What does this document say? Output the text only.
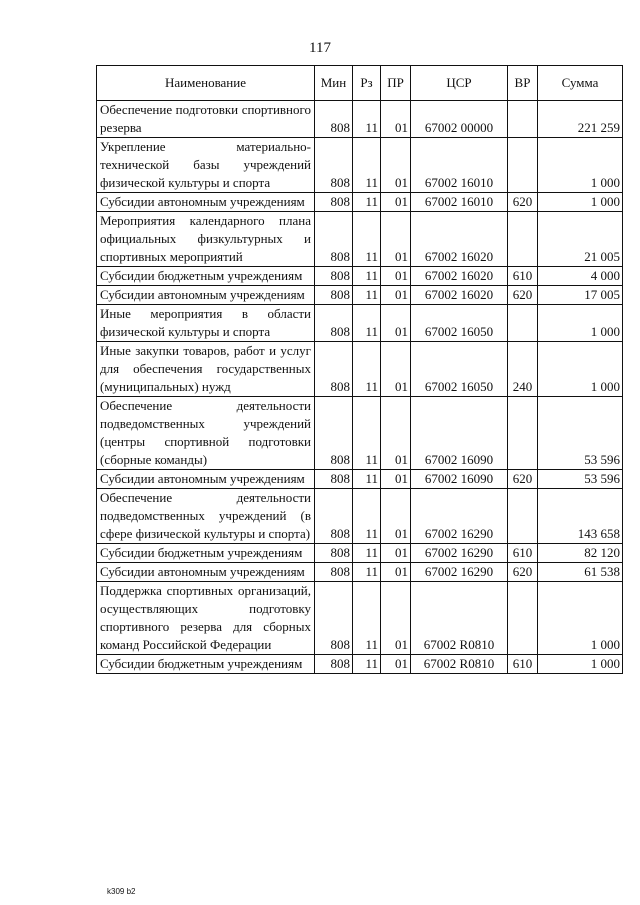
117
Наименование	Мин	Рз	ПР	ЦСР	ВР	Сумма
Обеспечение подготовки спортивного резерва	808	11	01	67002 00000		221 259
Укрепление материально-технической базы учреждений физической культуры и спорта	808	11	01	67002 16010		1 000
Субсидии автономным учреждениям	808	11	01	67002 16010	620	1 000
Мероприятия календарного плана официальных физкультурных и спортивных мероприятий	808	11	01	67002 16020		21 005
Субсидии бюджетным учреждениям	808	11	01	67002 16020	610	4 000
Субсидии автономным учреждениям	808	11	01	67002 16020	620	17 005
Иные мероприятия в области физической культуры и спорта	808	11	01	67002 16050		1 000
Иные закупки товаров, работ и услуг для обеспечения государственных (муниципальных) нужд	808	11	01	67002 16050	240	1 000
Обеспечение деятельности подведомственных учреждений (центры спортивной подготовки (сборные команды)	808	11	01	67002 16090		53 596
Субсидии автономным учреждениям	808	11	01	67002 16090	620	53 596
Обеспечение деятельности подведомственных учреждений (в сфере физической культуры и спорта)	808	11	01	67002 16290		143 658
Субсидии бюджетным учреждениям	808	11	01	67002 16290	610	82 120
Субсидии автономным учреждениям	808	11	01	67002 16290	620	61 538
Поддержка спортивных организаций, осуществляющих подготовку спортивного резерва для сборных команд Российской Федерации	808	11	01	67002 R0810		1 000
Субсидии бюджетным учреждениям	808	11	01	67002 R0810	610	1 000
k309 b2
